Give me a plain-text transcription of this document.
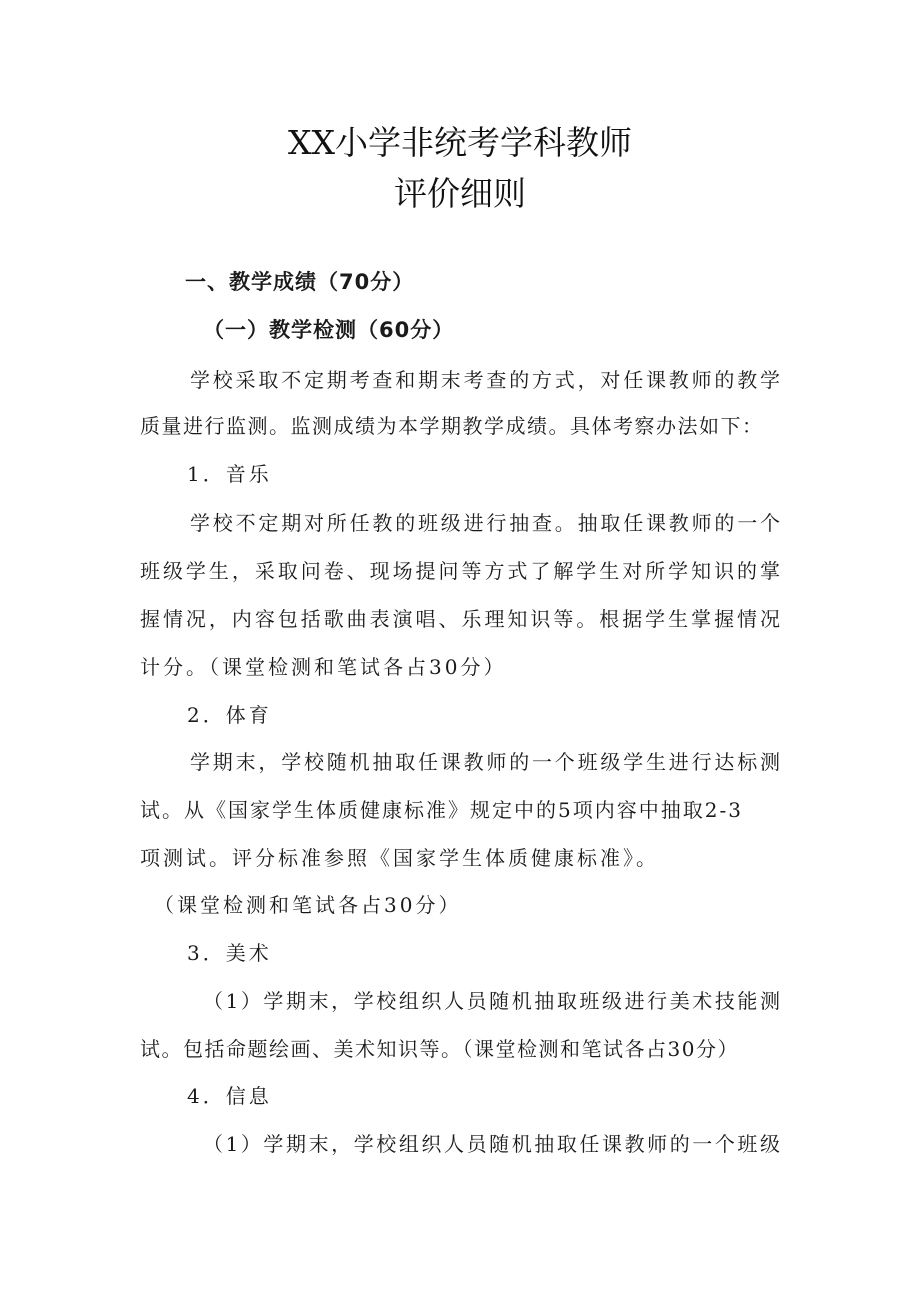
XX小学非统考学科教师
评价细则
一、教学成绩（70分）
（一）教学检测（60分）
学校采取不定期考查和期末考查的方式，对任课教师的教学
质量进行监测。监测成绩为本学期教学成绩。具体考察办法如下：
1．音乐
学校不定期对所任教的班级进行抽查。抽取任课教师的一个
班级学生，采取问卷、现场提问等方式了解学生对所学知识的掌
握情况，内容包括歌曲表演唱、乐理知识等。根据学生掌握情况
计分。（课堂检测和笔试各占30分）
2．体育
学期末，学校随机抽取任课教师的一个班级学生进行达标测
试。从《国家学生体质健康标准》规定中的5项内容中抽取2-3
项测试。评分标准参照《国家学生体质健康标准》。
（课堂检测和笔试各占30分）
3．美术
（1）学期末，学校组织人员随机抽取班级进行美术技能测
试。包括命题绘画、美术知识等。（课堂检测和笔试各占30分）
4．信息
（1）学期末，学校组织人员随机抽取任课教师的一个班级
